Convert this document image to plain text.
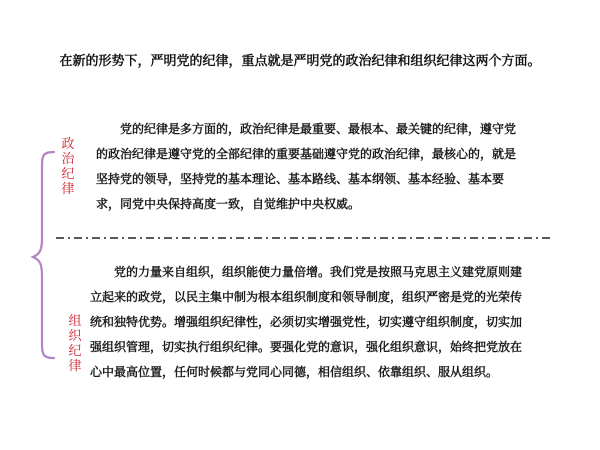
在新的形势下，严明党的纪律，重点就是严明党的政治纪律和组织纪律这两个方面。
政治纪律
党的纪律是多方面的，政治纪律是最重要、最根本、最关键的纪律，遵守党的政治纪律是遵守党的全部纪律的重要基础遵守党的政治纪律，最核心的，就是坚持党的领导，坚持党的基本理论、基本路线、基本纲领、基本经验、基本要求，同党中央保持高度一致，自觉维护中央权威。
组织纪律
党的力量来自组织，组织能使力量倍增。我们党是按照马克思主义建党原则建立起来的政党，以民主集中制为根本组织制度和领导制度，组织严密是党的光荣传统和独特优势。增强组织纪律性，必须切实增强党性，切实遵守组织制度，切实加强组织管理，切实执行组织纪律。要强化党的意识，强化组织意识，始终把党放在心中最高位置，任何时候都与党同心同德，相信组织、依靠组织、服从组织。
